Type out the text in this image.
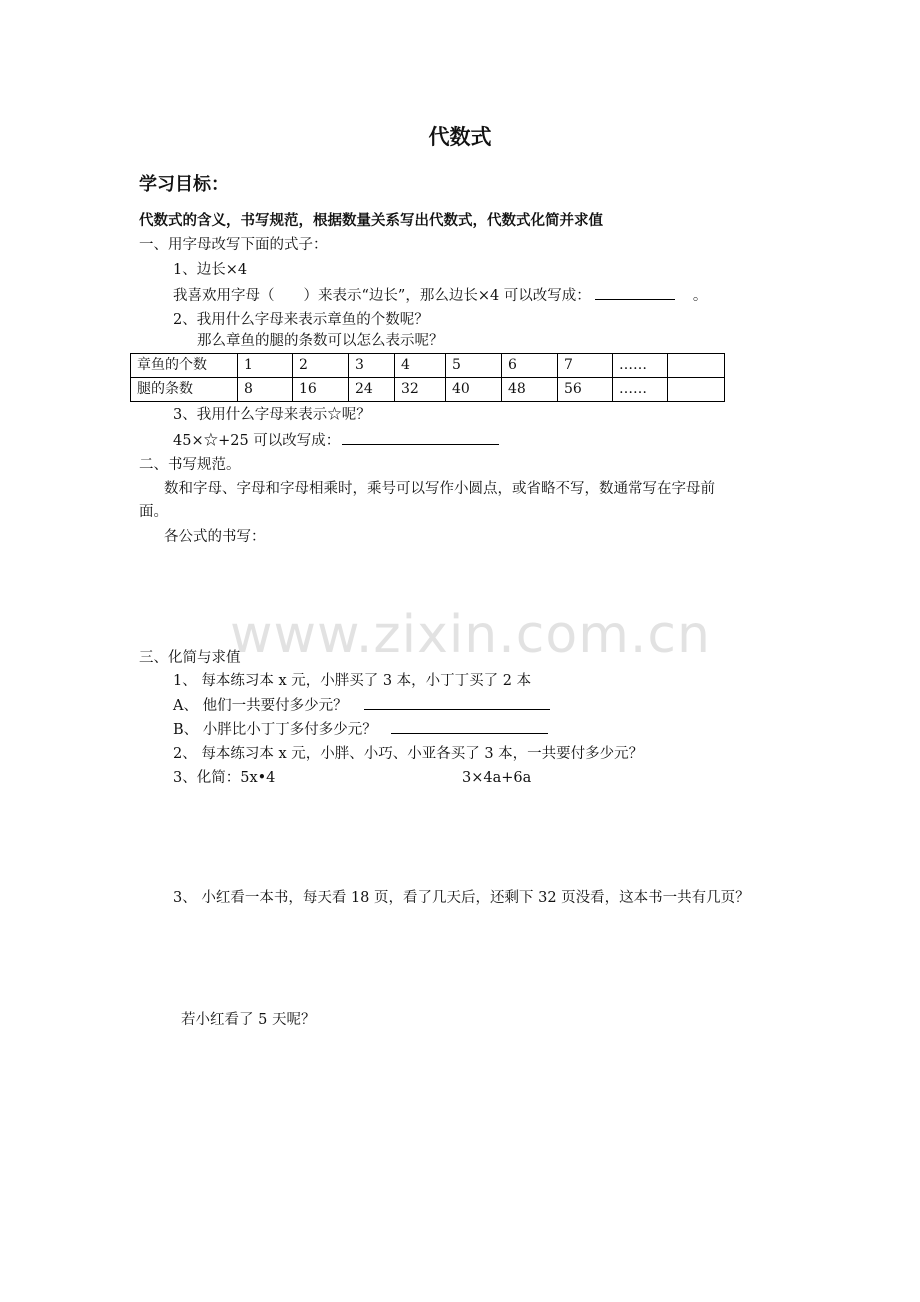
代数式
学习目标：
代数式的含义，书写规范，根据数量关系写出代数式，代数式化简并求值
一、用字母改写下面的式子：
1、边长×4
我喜欢用字母（　　）来表示“边长”，那么边长×4 可以改写成：	。
2、我用什么字母来表示章鱼的个数呢？
那么章鱼的腿的条数可以怎么表示呢？
章鱼的个数	1	2	3	4	5	6	7	……	
腿的条数	8	16	24	32	40	48	56	……	
3、我用什么字母来表示☆呢？
45×☆+25 可以改写成：
二、书写规范。
数和字母、字母和字母相乘时，乘号可以写作小圆点，或省略不写，数通常写在字母前
面。
各公式的书写：
www.zixin.com.cn
三、化简与求值
1、 每本练习本 x 元，小胖买了 3 本，小丁丁买了 2 本
A、 他们一共要付多少元？
B、 小胖比小丁丁多付多少元？
2、 每本练习本 x 元，小胖、小巧、小亚各买了 3 本，一共要付多少元？
3、化简：5x•4	3×4a+6a
3、 小红看一本书，每天看 18 页，看了几天后，还剩下 32 页没看，这本书一共有几页？
若小红看了 5 天呢？
